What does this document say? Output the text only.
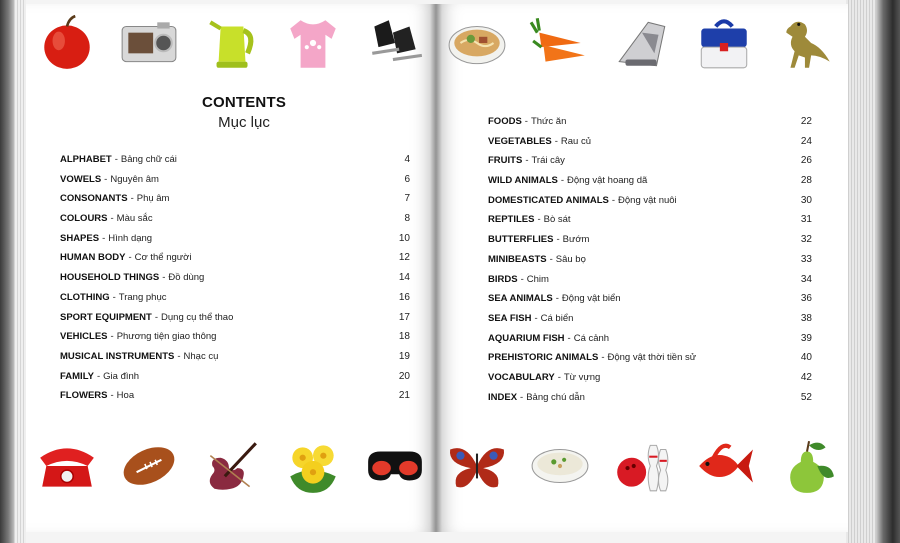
CONTENTS
Mục lục
ALPHABET - Bảng chữ cái	4
VOWELS - Nguyên âm	6
CONSONANTS - Phụ âm	7
COLOURS - Màu sắc	8
SHAPES - Hình dạng	10
HUMAN BODY - Cơ thể người	12
HOUSEHOLD THINGS - Đồ dùng	14
CLOTHING - Trang phục	16
SPORT EQUIPMENT - Dụng cụ thể thao	17
VEHICLES - Phương tiện giao thông	18
MUSICAL INSTRUMENTS - Nhạc cụ	19
FAMILY - Gia đình	20
FLOWERS - Hoa	21
FOODS - Thức ăn	22
VEGETABLES - Rau củ	24
FRUITS - Trái cây	26
WILD ANIMALS - Động vật hoang dã	28
DOMESTICATED ANIMALS - Động vật nuôi	30
REPTILES - Bò sát	31
BUTTERFLIES - Bướm	32
MINIBEASTS - Sâu bọ	33
BIRDS - Chim	34
SEA ANIMALS - Động vật biển	36
SEA FISH - Cá biển	38
AQUARIUM FISH - Cá cảnh	39
PREHISTORIC ANIMALS - Động vật thời tiền sử	40
VOCABULARY - Từ vựng	42
INDEX - Bảng chú dẫn	52
